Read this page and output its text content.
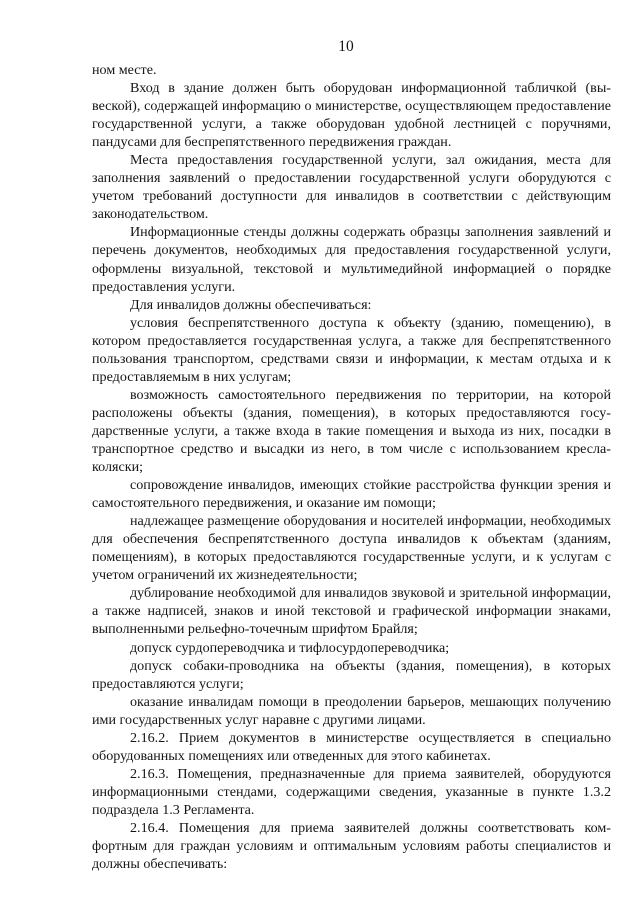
10

ном месте.

Вход в здание должен быть оборудован информационной табличкой (вывеской), содержащей информацию о министерстве, осуществляющем предоставление государственной услуги, а также оборудован удобной лестницей с поручнями, пандусами для беспрепятственного передвижения граждан.

Места предоставления государственной услуги, зал ожидания, места для заполнения заявлений о предоставлении государственной услуги оборудуются с учетом требований доступности для инвалидов в соответствии с действующим законодательством.

Информационные стенды должны содержать образцы заполнения заявлений и перечень документов, необходимых для предоставления государственной услуги, оформлены визуальной, текстовой и мультимедийной информацией о порядке предоставления услуги.

Для инвалидов должны обеспечиваться:

условия беспрепятственного доступа к объекту (зданию, помещению), в котором предоставляется государственная услуга, а также для беспрепятственного пользования транспортом, средствами связи и информации, к местам отдыха и к предоставляемым в них услугам;

возможность самостоятельного передвижения по территории, на которой расположены объекты (здания, помещения), в которых предоставляются государственные услуги, а также входа в такие помещения и выхода из них, посадки в транспортное средство и высадки из него, в том числе с использованием кресла-коляски;

сопровождение инвалидов, имеющих стойкие расстройства функции зрения и самостоятельного передвижения, и оказание им помощи;

надлежащее размещение оборудования и носителей информации, необходимых для обеспечения беспрепятственного доступа инвалидов к объектам (зданиям, помещениям), в которых предоставляются государственные услуги, и к услугам с учетом ограничений их жизнедеятельности;

дублирование необходимой для инвалидов звуковой и зрительной информации, а также надписей, знаков и иной текстовой и графической информации знаками, выполненными рельефно-точечным шрифтом Брайля;

допуск сурдопереводчика и тифлосурдопереводчика;

допуск собаки-проводника на объекты (здания, помещения), в которых предоставляются услуги;

оказание инвалидам помощи в преодолении барьеров, мешающих получению ими государственных услуг наравне с другими лицами.

2.16.2. Прием документов в министерстве осуществляется в специально оборудованных помещениях или отведенных для этого кабинетах.

2.16.3. Помещения, предназначенные для приема заявителей, оборудуются информационными стендами, содержащими сведения, указанные в пункте 1.3.2 подраздела 1.3 Регламента.

2.16.4. Помещения для приема заявителей должны соответствовать комфортным для граждан условиям и оптимальным условиям работы специалистов и должны обеспечивать:
